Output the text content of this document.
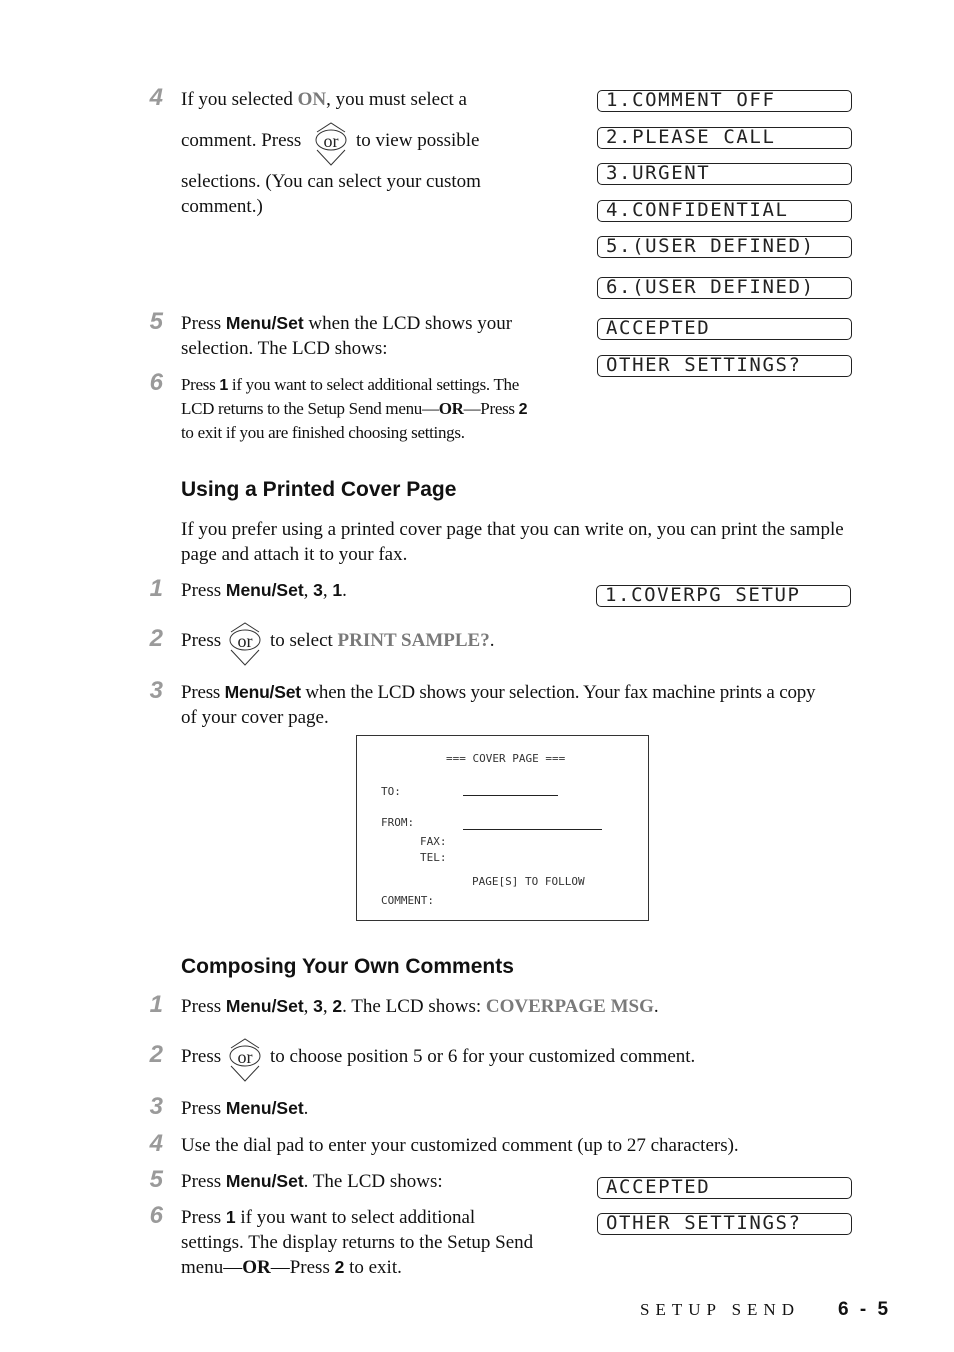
4 If you selected ON, you must select a
comment. Press or to view possible
selections. (You can select your custom
comment.)
5 Press Menu/Set when the LCD shows your
selection. The LCD shows:
6 Press 1 if you want to select additional settings. The
LCD returns to the Setup Send menu—OR—Press 2
to exit if you are finished choosing settings.
1.COMMENT OFF
2.PLEASE CALL
3.URGENT
4.CONFIDENTIAL
5.(USER DEFINED)
6.(USER DEFINED)
ACCEPTED
OTHER SETTINGS?
Using a Printed Cover Page
If you prefer using a printed cover page that you can write on, you can print the sample
page and attach it to your fax.
1 Press Menu/Set, 3, 1.	1.COVERPG SETUP
2 Press or to select PRINT SAMPLE?.
3 Press Menu/Set when the LCD shows your selection. Your fax machine prints a copy
of your cover page.
=== COVER PAGE ===
TO:
FROM:
FAX:
TEL:
PAGE[S] TO FOLLOW
COMMENT:
Composing Your Own Comments
1 Press Menu/Set, 3, 2. The LCD shows: COVERPAGE MSG.
2 Press or to choose position 5 or 6 for your customized comment.
3 Press Menu/Set.
4 Use the dial pad to enter your customized comment (up to 27 characters).
5 Press Menu/Set. The LCD shows:
6 Press 1 if you want to select additional
settings. The display returns to the Setup Send
menu—OR—Press 2 to exit.
ACCEPTED
OTHER SETTINGS?
SETUP SEND 6 - 5
